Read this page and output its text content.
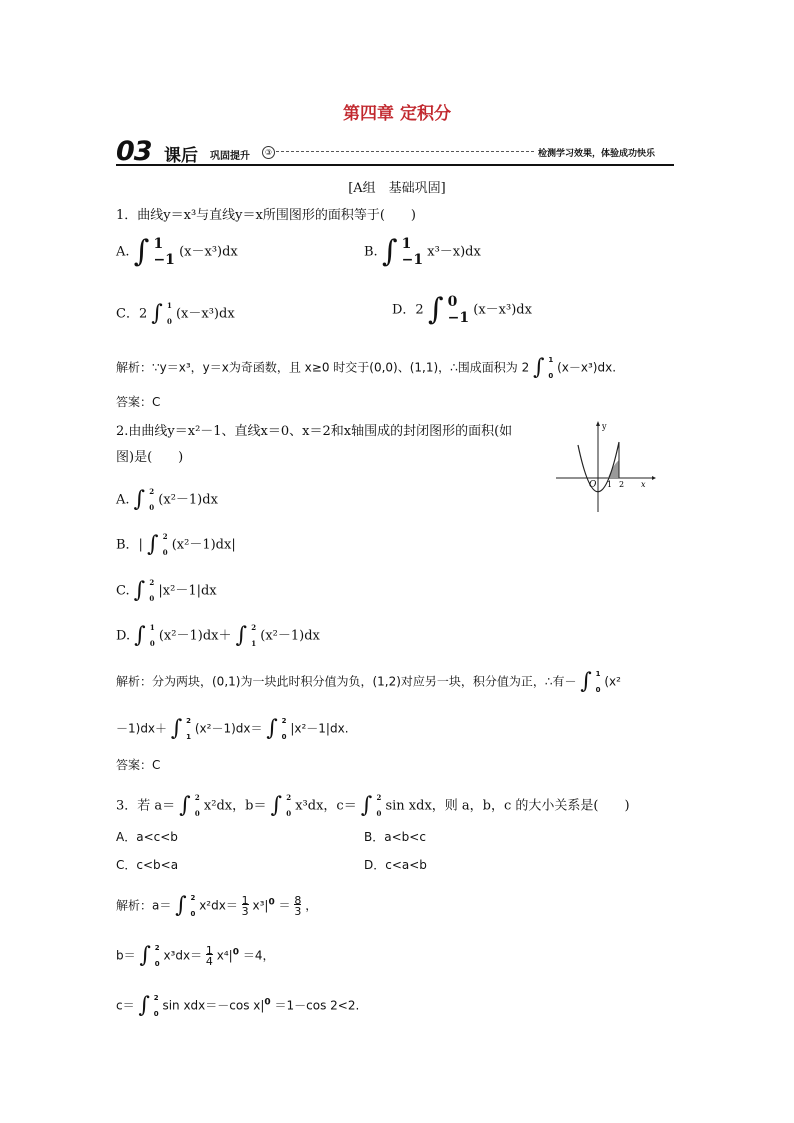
第四章 定积分
03 课后 巩固提升	③	检测学习效果，体验成功快乐
[A组　基础巩固]
1．曲线y＝x³与直线y＝x所围图形的面积等于(　　)
A. ∫ 1
−1 (x－x³)dx	B. ∫ 1
−1 x³－x)dx
C．2 ∫ 1
0 (x－x³)dx	D．2 ∫ 0
−1 (x－x³)dx
解析：∵y＝x³，y＝x为奇函数，且 x≥0 时交于(0,0)、(1,1)，∴围成面积为 2 ∫ 1
0 (x－x³)dx.
答案：C
2.由曲线y＝x²－1、直线x＝0、x＝2和x轴围成的封闭图形的面积(如
图)是(　　)
y
x
O 1 2
A. ∫ 2
0 (x²－1)dx
B．| ∫ 2
0 (x²－1)dx|
C. ∫ 2
0 |x²－1|dx
D. ∫ 1
0 (x²－1)dx＋ ∫ 2
1 (x²－1)dx
解析：分为两块，(0,1)为一块此时积分值为负，(1,2)对应另一块，积分值为正，∴有－ ∫ 1
0 (x²
－1)dx＋ ∫ 2
1 (x²－1)dx＝ ∫ 2
0 |x²－1|dx.
答案：C
3．若 a＝ ∫ 2
0 x²dx，b＝ ∫ 2
0 x³dx，c＝ ∫ 2
0 sin xdx，则 a，b，c 的大小关系是(　　)
A．a<c<b	B．a<b<c
C．c<b<a	D．c<a<b
解析：a＝ ∫ 2
0 $x^2dx= \frac{1}{3} x^3|^0 = \frac{8}{3}$ ，
b＝ ∫ 2
0 $x^3dx= \frac{1}{4} x^4|^0 =4$，
c＝ ∫ 2
0 sin xdx＝－cos $x|^0 =1-\cos$ 2<2.
